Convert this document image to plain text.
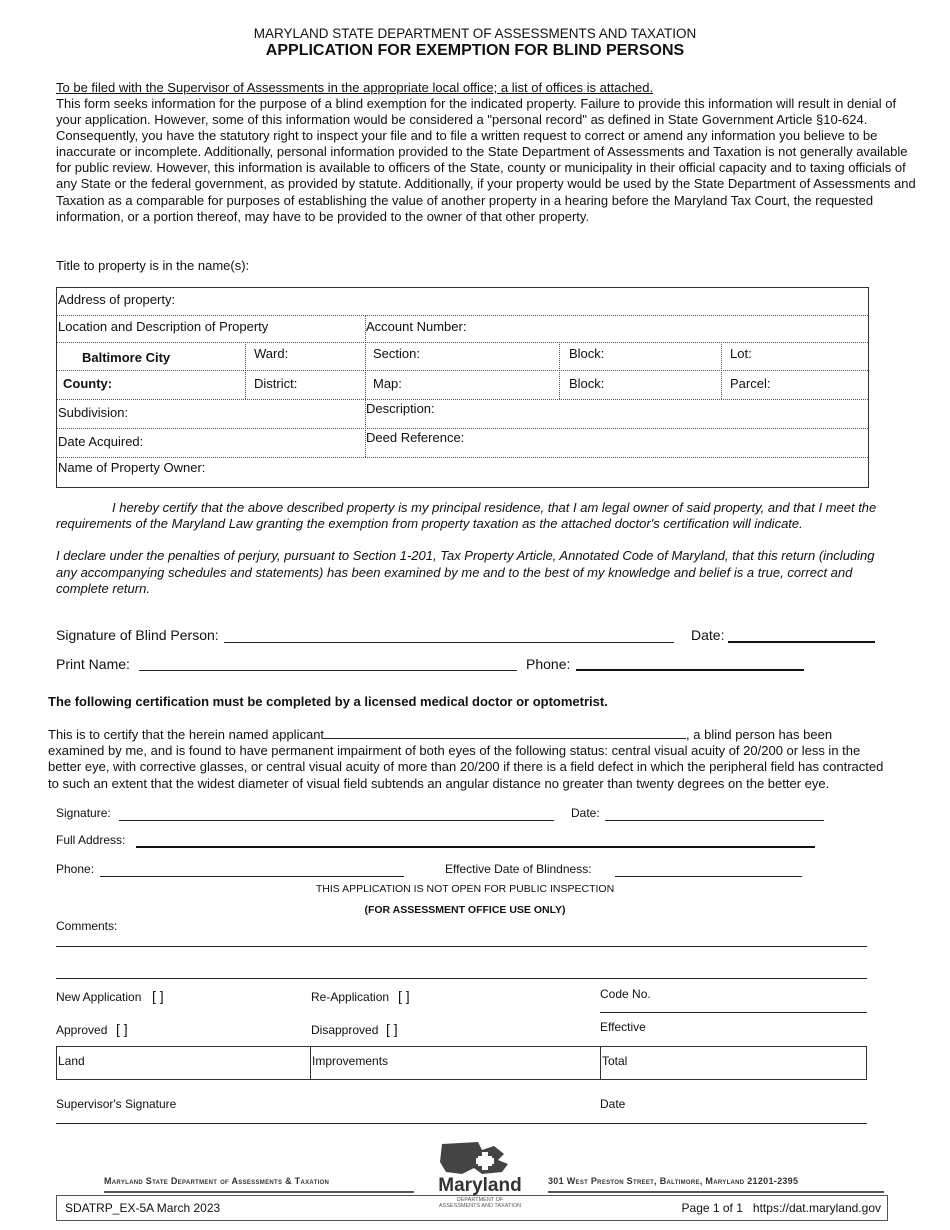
MARYLAND STATE DEPARTMENT OF ASSESSMENTS AND TAXATION
APPLICATION FOR EXEMPTION FOR BLIND PERSONS
To be filed with the Supervisor of Assessments in the appropriate local office; a list of offices is attached.
This form seeks information for the purpose of a blind exemption for the indicated property. Failure to provide this information will result in denial of your application. However, some of this information would be considered a "personal record" as defined in State Government Article §10-624. Consequently, you have the statutory right to inspect your file and to file a written request to correct or amend any information you believe to be inaccurate or incomplete. Additionally, personal information provided to the State Department of Assessments and Taxation is not generally available for public review. However, this information is available to officers of the State, county or municipality in their official capacity and to taxing officials of any State or the federal government, as provided by statute. Additionally, if your property would be used by the State Department of Assessments and Taxation as a comparable for purposes of establishing the value of another property in a hearing before the Maryland Tax Court, the requested information, or a portion thereof, may have to be provided to the owner of that other property.
Title to property is in the name(s):
Address of property:
Location and Description of Property	Account Number:
Baltimore City	Ward:	Section:	Block:	Lot:
County:	District:	Map:	Block:	Parcel:
Subdivision:	Description:
Date Acquired:	Deed Reference:
Name of Property Owner:
I hereby certify that the above described property is my principal residence, that I am legal owner of said property, and that I meet the requirements of the Maryland Law granting the exemption from property taxation as the attached doctor's certification will indicate.
I declare under the penalties of perjury, pursuant to Section 1-201, Tax Property Article, Annotated Code of Maryland, that this return (including any accompanying schedules and statements) has been examined by me and to the best of my knowledge and belief is a true, correct and complete return.
Signature of Blind Person:	Date:
Print Name:	Phone:
The following certification must be completed by a licensed medical doctor or optometrist.
This is to certify that the herein named applicant	, a blind person has been
examined by me, and is found to have permanent impairment of both eyes of the following status: central visual acuity of 20/200 or less in the better eye, with corrective glasses, or central visual acuity of more than 20/200 if there is a field defect in which the peripheral field has contracted to such an extent that the widest diameter of visual field subtends an angular distance no greater than twenty degrees on the better eye.
Signature:	Date:
Full Address:
Phone:	Effective Date of Blindness:
THIS APPLICATION IS NOT OPEN FOR PUBLIC INSPECTION
(FOR ASSESSMENT OFFICE USE ONLY)
Comments:
New Application [ ]	Re-Application [ ]	Code No.
Approved [ ]	Disapproved [ ]	Effective
Land	Improvements	Total
Supervisor's Signature	Date
Maryland State Department of Assessments & Taxation	Maryland
DEPARTMENT OF
ASSESSMENTS AND TAXATION
301 West Preston Street, Baltimore, Maryland 21201-2395
SDATRP_EX-5A March 2023	Page 1 of 1 https://dat.maryland.gov
